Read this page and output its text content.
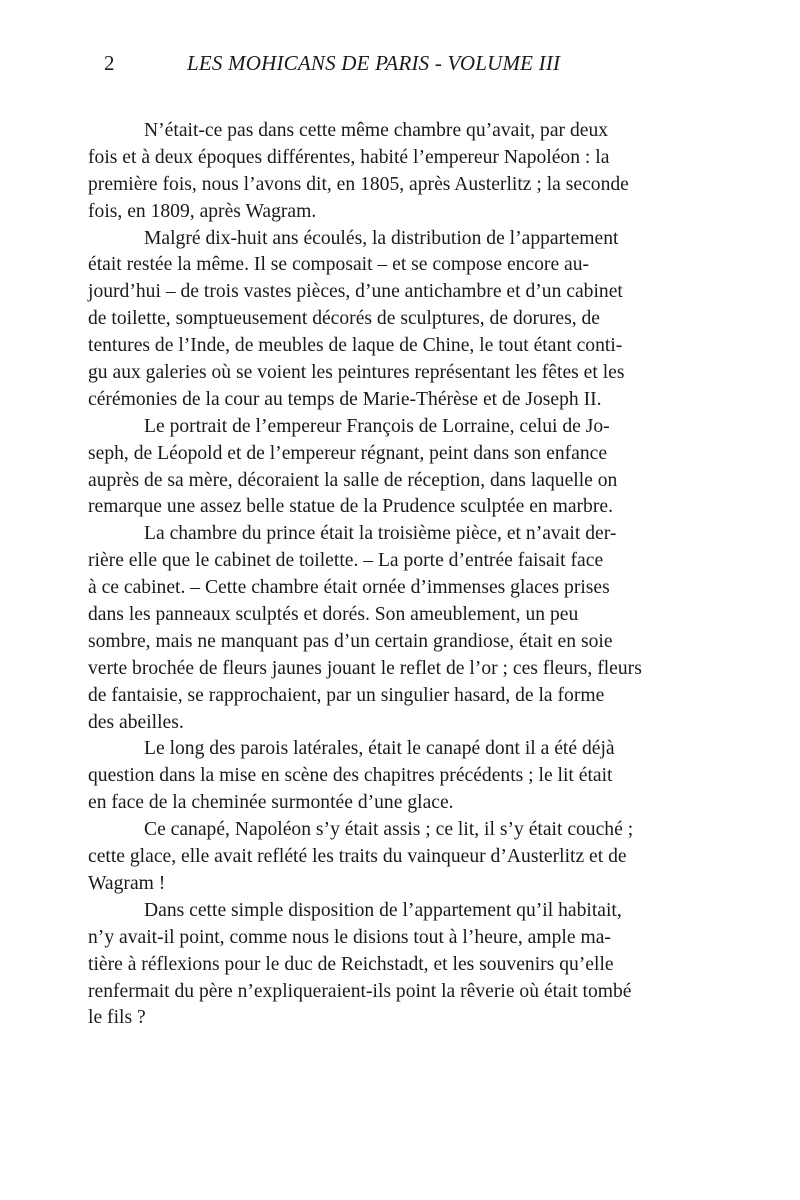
2	LES MOHICANS DE PARIS - VOLUME III
N’était-ce pas dans cette même chambre qu’avait, par deux
fois et à deux époques différentes, habité l’empereur Napoléon : la
première fois, nous l’avons dit, en 1805, après Austerlitz ; la seconde
fois, en 1809, après Wagram.
Malgré dix-huit ans écoulés, la distribution de l’appartement
était restée la même. Il se composait – et se compose encore au-
jourd’hui – de trois vastes pièces, d’une antichambre et d’un cabinet
de toilette, somptueusement décorés de sculptures, de dorures, de
tentures de l’Inde, de meubles de laque de Chine, le tout étant conti-
gu aux galeries où se voient les peintures représentant les fêtes et les
cérémonies de la cour au temps de Marie-Thérèse et de Joseph II.
Le portrait de l’empereur François de Lorraine, celui de Jo-
seph, de Léopold et de l’empereur régnant, peint dans son enfance
auprès de sa mère, décoraient la salle de réception, dans laquelle on
remarque une assez belle statue de la Prudence sculptée en marbre.
La chambre du prince était la troisième pièce, et n’avait der-
rière elle que le cabinet de toilette. – La porte d’entrée faisait face
à ce cabinet. – Cette chambre était ornée d’immenses glaces prises
dans les panneaux sculptés et dorés. Son ameublement, un peu
sombre, mais ne manquant pas d’un certain grandiose, était en soie
verte brochée de fleurs jaunes jouant le reflet de l’or ; ces fleurs, fleurs
de fantaisie, se rapprochaient, par un singulier hasard, de la forme
des abeilles.
Le long des parois latérales, était le canapé dont il a été déjà
question dans la mise en scène des chapitres précédents ; le lit était
en face de la cheminée surmontée d’une glace.
Ce canapé, Napoléon s’y était assis ; ce lit, il s’y était couché ;
cette glace, elle avait reflété les traits du vainqueur d’Austerlitz et de
Wagram !
Dans cette simple disposition de l’appartement qu’il habitait,
n’y avait-il point, comme nous le disions tout à l’heure, ample ma-
tière à réflexions pour le duc de Reichstadt, et les souvenirs qu’elle
renfermait du père n’expliqueraient-ils point la rêverie où était tombé
le fils ?
